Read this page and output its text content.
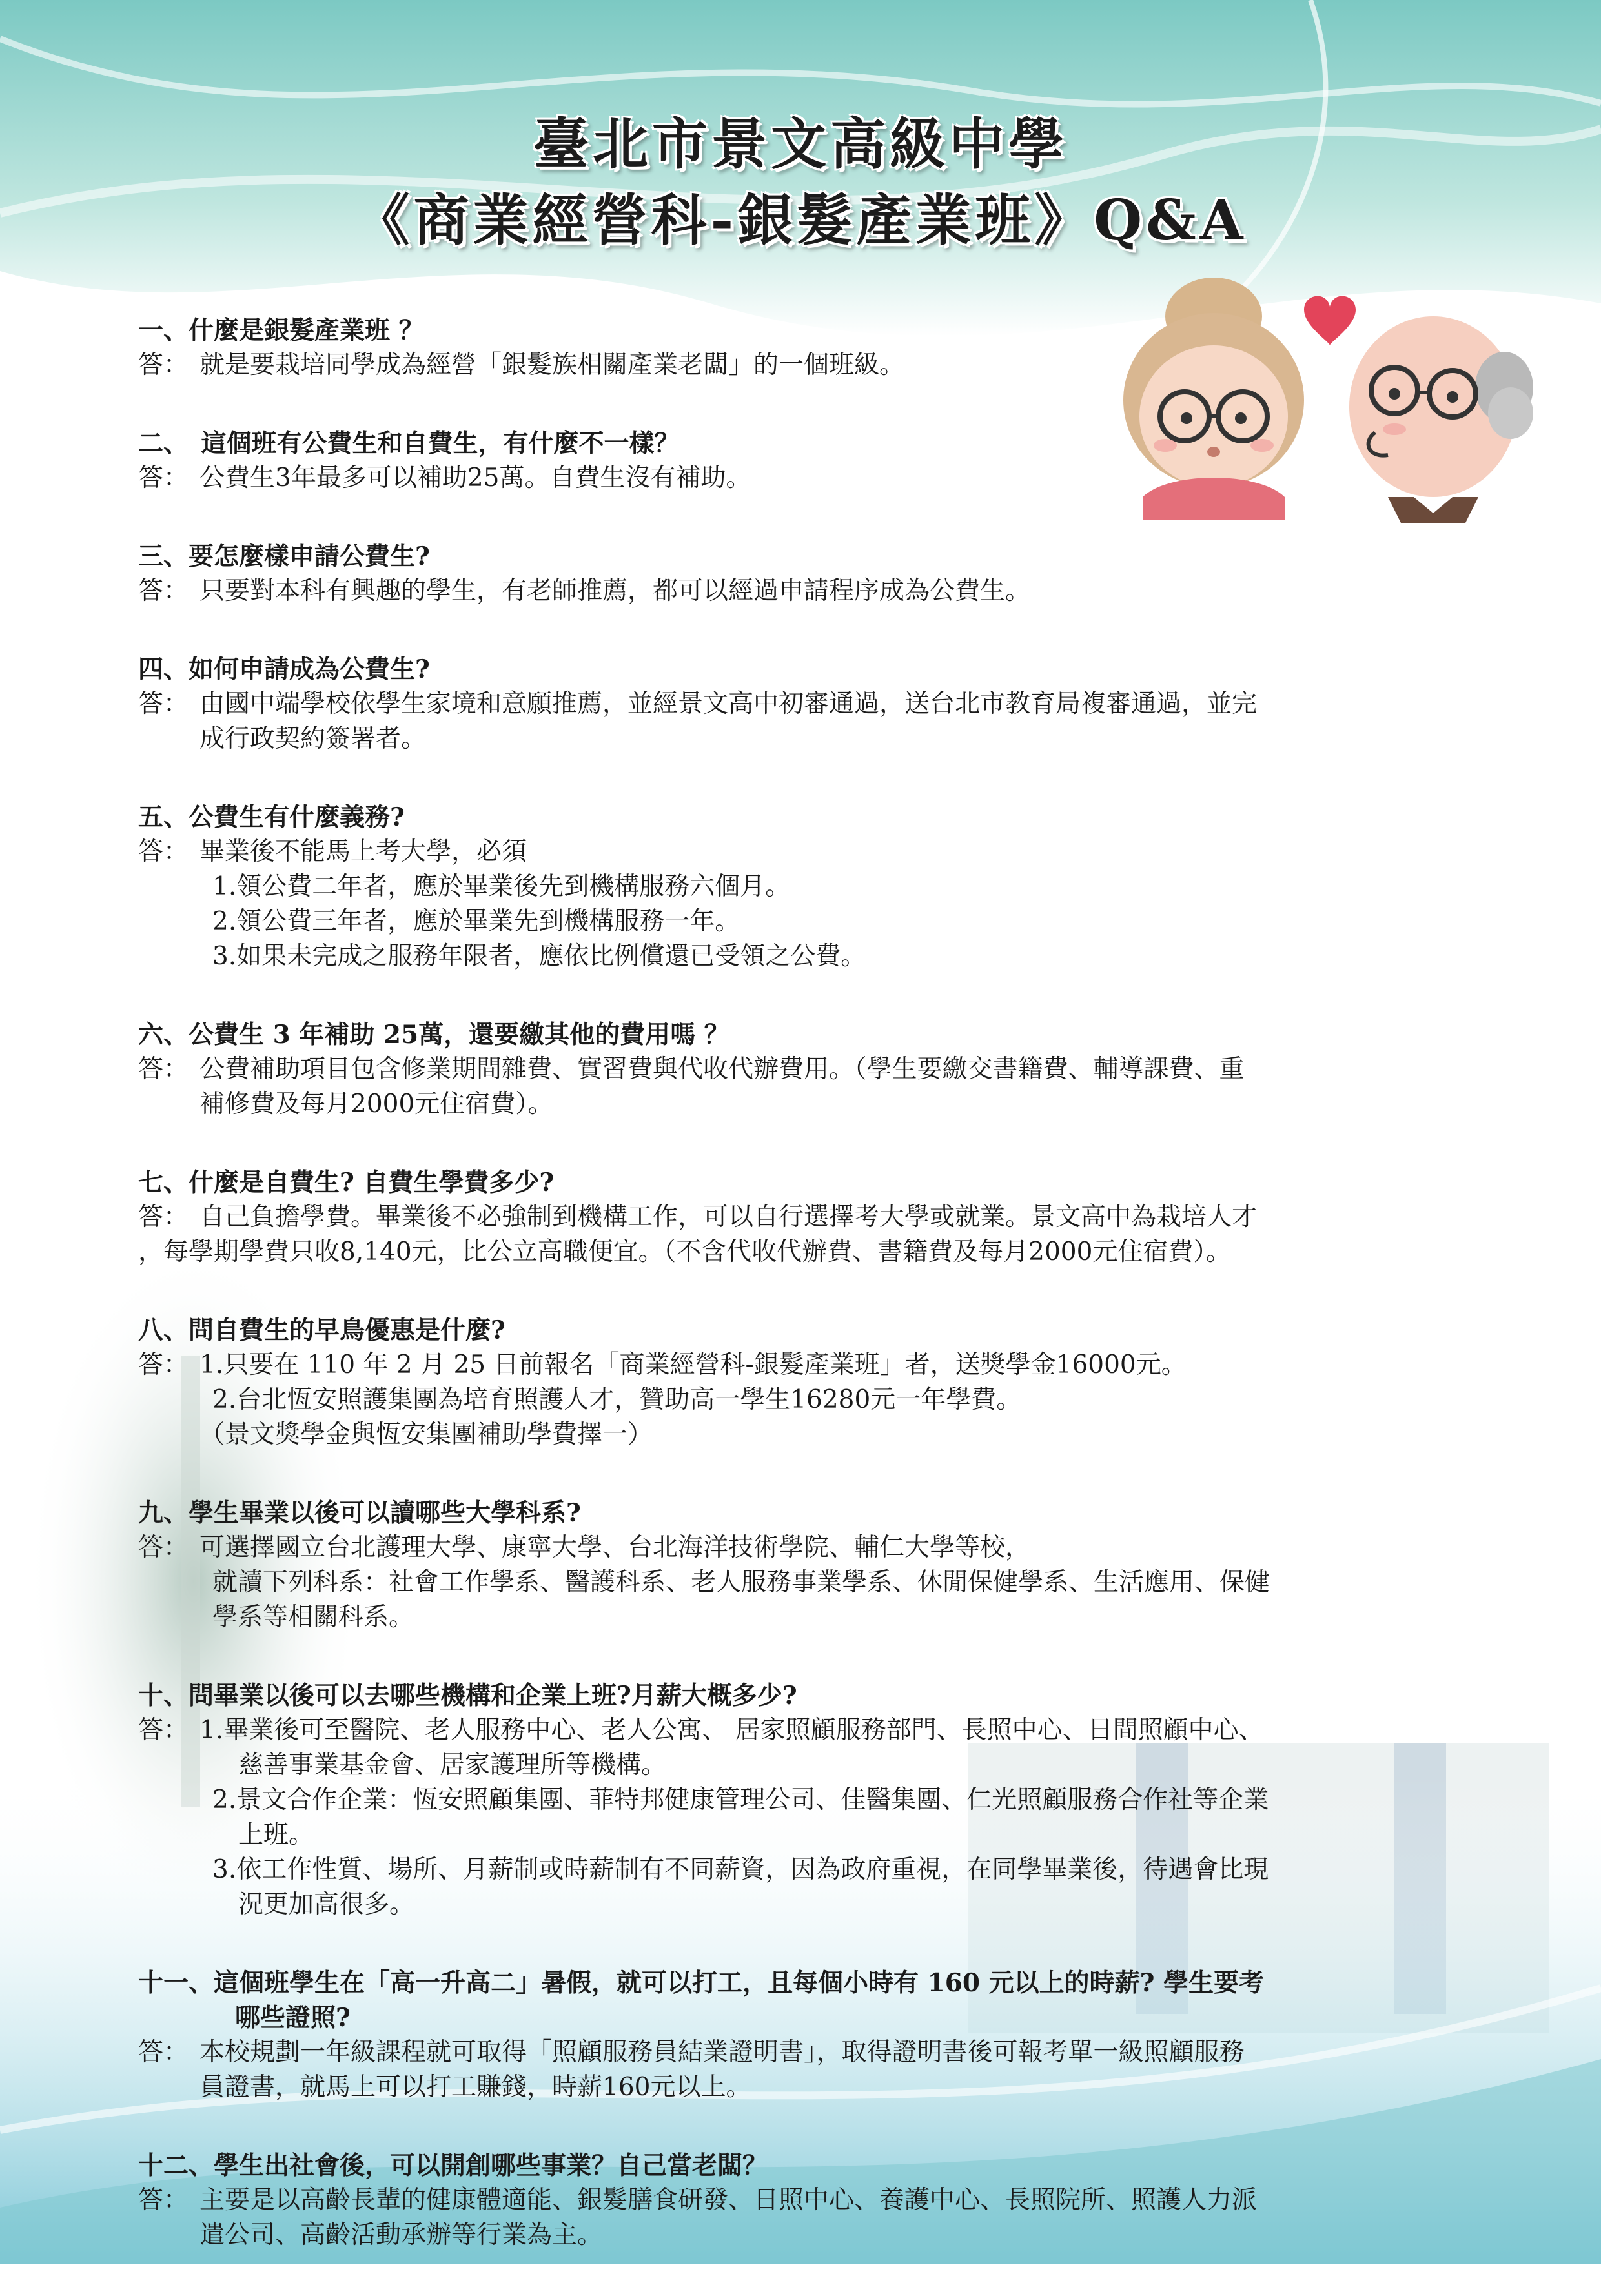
臺北市景文高級中學
《商業經營科-銀髮產業班》Q&A
一、什麼是銀髮產業班 ？
答： 就是要栽培同學成為經營「銀髮族相關產業老闆」的一個班級。
二、　這個班有公費生和自費生，有什麼不一樣？
答： 公費生3年最多可以補助25萬。自費生沒有補助。
三、要怎麼樣申請公費生?
答： 只要對本科有興趣的學生，有老師推薦，都可以經過申請程序成為公費生。
四、如何申請成為公費生?
答： 由國中端學校依學生家境和意願推薦，並經景文高中初審通過，送台北市教育局複審通過，並完
成行政契約簽署者。
五、公費生有什麼義務?
答： 畢業後不能馬上考大學，必須
1.領公費二年者，應於畢業後先到機構服務六個月。
2.領公費三年者，應於畢業先到機構服務一年。
3.如果未完成之服務年限者，應依比例償還已受領之公費。
六、公費生 3 年補助 25萬，還要繳其他的費用嗎 ？
答： 公費補助項目包含修業期間雜費、實習費與代收代辦費用。（學生要繳交書籍費、輔導課費、重
補修費及每月2000元住宿費）。
七、什麼是自費生? 自費生學費多少?
答： 自己負擔學費。畢業後不必強制到機構工作，可以自行選擇考大學或就業。景文高中為栽培人才
，每學期學費只收8,140元，比公立高職便宜。（不含代收代辦費、書籍費及每月2000元住宿費）。
八、問自費生的早鳥優惠是什麼?
答： 1.只要在 110 年 2 月 25 日前報名「商業經營科-銀髮產業班」者，送獎學金16000元。
2.台北恆安照護集團為培育照護人才，贊助高一學生16280元一年學費。
（景文獎學金與恆安集團補助學費擇一）
九、學生畢業以後可以讀哪些大學科系?
答： 可選擇國立台北護理大學、康寧大學、台北海洋技術學院、輔仁大學等校，
就讀下列科系：社會工作學系、醫護科系、老人服務事業學系、休閒保健學系、生活應用、保健
學系等相關科系。
十、問畢業以後可以去哪些機構和企業上班?月薪大概多少?
答： 1.畢業後可至醫院、老人服務中心、老人公寓、 居家照顧服務部門、長照中心、日間照顧中心、
慈善事業基金會、居家護理所等機構。
2.景文合作企業：恆安照顧集團、菲特邦健康管理公司、佳醫集團、仁光照顧服務合作社等企業
上班。
3.依工作性質、場所、月薪制或時薪制有不同薪資，因為政府重視，在同學畢業後，待遇會比現
況更加高很多。
十一、這個班學生在「高一升高二」暑假，就可以打工，且每個小時有 160 元以上的時薪? 學生要考
哪些證照?
答： 本校規劃一年級課程就可取得「照顧服務員結業證明書」，取得證明書後可報考單一級照顧服務
員證書，就馬上可以打工賺錢，時薪160元以上。
十二、學生出社會後，可以開創哪些事業？自己當老闆？
答： 主要是以高齡長輩的健康體適能、銀髮膳食研發、日照中心、養護中心、長照院所、照護人力派
遣公司、高齡活動承辦等行業為主。
